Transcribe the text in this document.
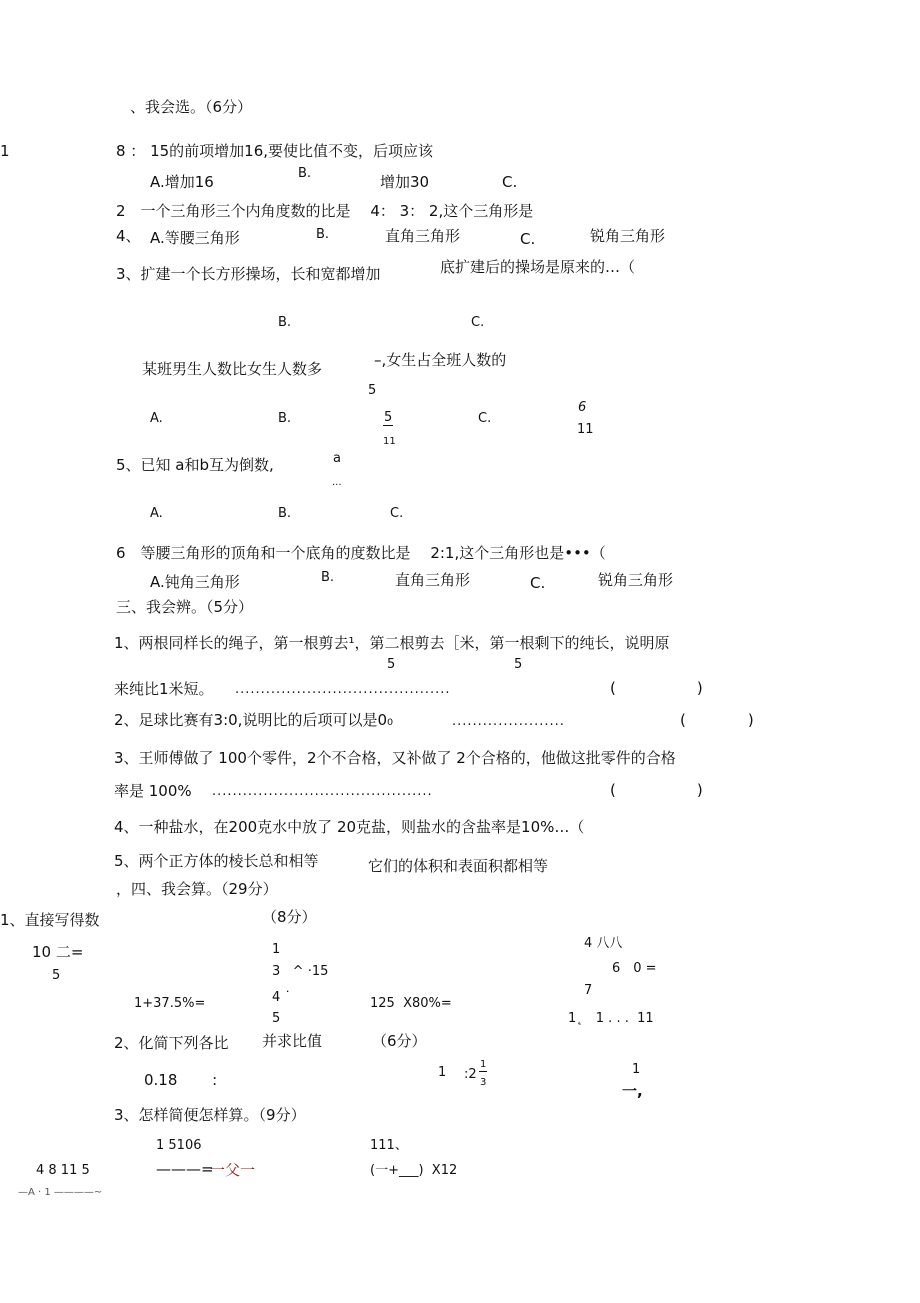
、我会选。（6分）
1	8 ： 15的前项增加16,要使比值不变，后项应该
A.增加16	B.	增加30	C.
2　一个三角形三个内角度数的比是　 4： 3： 2,这个三角形是
4、 A.等腰三角形	B.	直角三角形	C.	锐角三角形
3、扩建一个长方形操场，长和宽都增加	底扩建后的操场是原来的…（
B.	C.
某班男生人数比女生人数多	–,女生占全班人数的
5
A.	B.	5
11
C.
6
11
5、已知 a和b互为倒数,	a
...
A.	B.	C.
6　等腰三角形的顶角和一个底角的度数比是　 2:1,这个三角形也是•••（
A.钝角三角形	B.	直角三角形	C.	锐角三角形
三、我会辨。（5分）
1、两根同样长的绳子，第一根剪去¹，第二根剪去［米，第一根剩下的纯长，说明原
5	5
来纯比1米短。 ..........................................	(                 )
2、足球比赛有3:0,说明比的后项可以是0₀	......................	(             )
3、王师傅做了 100个零件，2个不合格，又补做了 2个合格的，他做这批零件的合格
率是 100% ...........................................	(                 )
4、一种盐水，在200克水中放了 20克盐，则盐水的含盐率是10%…（
5、两个正方体的棱长总和相等	它们的体积和表面积都相等
，四、我会算。（29分）
1、直接写得数	（8分）
10 二=
5
1
3   ^ ·15
4 ˙
5
4 八八
6　0 =
7
1+37.5%=	125  X80%=
1˛　1 . . .  11
2、化简下列各比 并求比值	（6分）
0.18　　 :	1 :2
1
3
1
一,
3、怎样简便怎样算。（9分）
1 5106
4 8 11 5	———=
一父一
—A · 1 ————~
111、
(一+___)  X12
